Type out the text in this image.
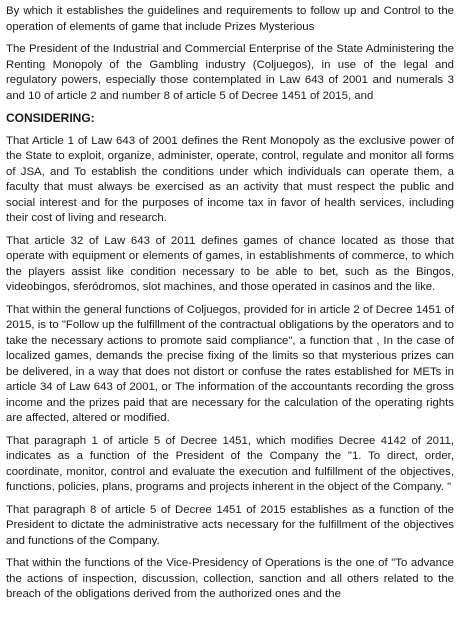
By which it establishes the guidelines and requirements to follow up and Control to the operation of elements of game that include Prizes Mysterious

The President of the Industrial and Commercial Enterprise of the State Administering the Renting Monopoly of the Gambling industry (Coljuegos), in use of the legal and regulatory powers, especially those contemplated in Law 643 of 2001 and numerals 3 and 10 of article 2 and number 8 of article 5 of Decree 1451 of 2015, and

CONSIDERING:

That Article 1 of Law 643 of 2001 defines the Rent Monopoly as the exclusive power of the State to exploit, organize, administer, operate, control, regulate and monitor all forms of JSA, and To establish the conditions under which individuals can operate them, a faculty that must always be exercised as an activity that must respect the public and social interest and for the purposes of income tax in favor of health services, including their cost of living and research.

That article 32 of Law 643 of 2011 defines games of chance located as those that operate with equipment or elements of games, in establishments of commerce, to which the players assist like condition necessary to be able to bet, such as the Bingos, videobingos, sferódromos, slot machines, and those operated in casinos and the like.

That within the general functions of Coljuegos, provided for in article 2 of Decree 1451 of 2015, is to "Follow up the fulfillment of the contractual obligations by the operators and to take the necessary actions to promote said compliance", a function that , In the case of localized games, demands the precise fixing of the limits so that mysterious prizes can be delivered, in a way that does not distort or confuse the rates established for METs in article 34 of Law 643 of 2001, or The information of the accountants recording the gross income and the prizes paid that are necessary for the calculation of the operating rights are affected, altered or modified.

That paragraph 1 of article 5 of Decree 1451, which modifies Decree 4142 of 2011, indicates as a function of the President of the Company the "1. To direct, order, coordinate, monitor, control and evaluate the execution and fulfillment of the objectives, functions, policies, plans, programs and projects inherent in the object of the Company. "

That paragraph 8 of article 5 of Decree 1451 of 2015 establishes as a function of the President to dictate the administrative acts necessary for the fulfillment of the objectives and functions of the Company.

That within the functions of the Vice-Presidency of Operations is the one of "To advance the actions of inspection, discussion, collection, sanction and all others related to the breach of the obligations derived from the authorized ones and the
